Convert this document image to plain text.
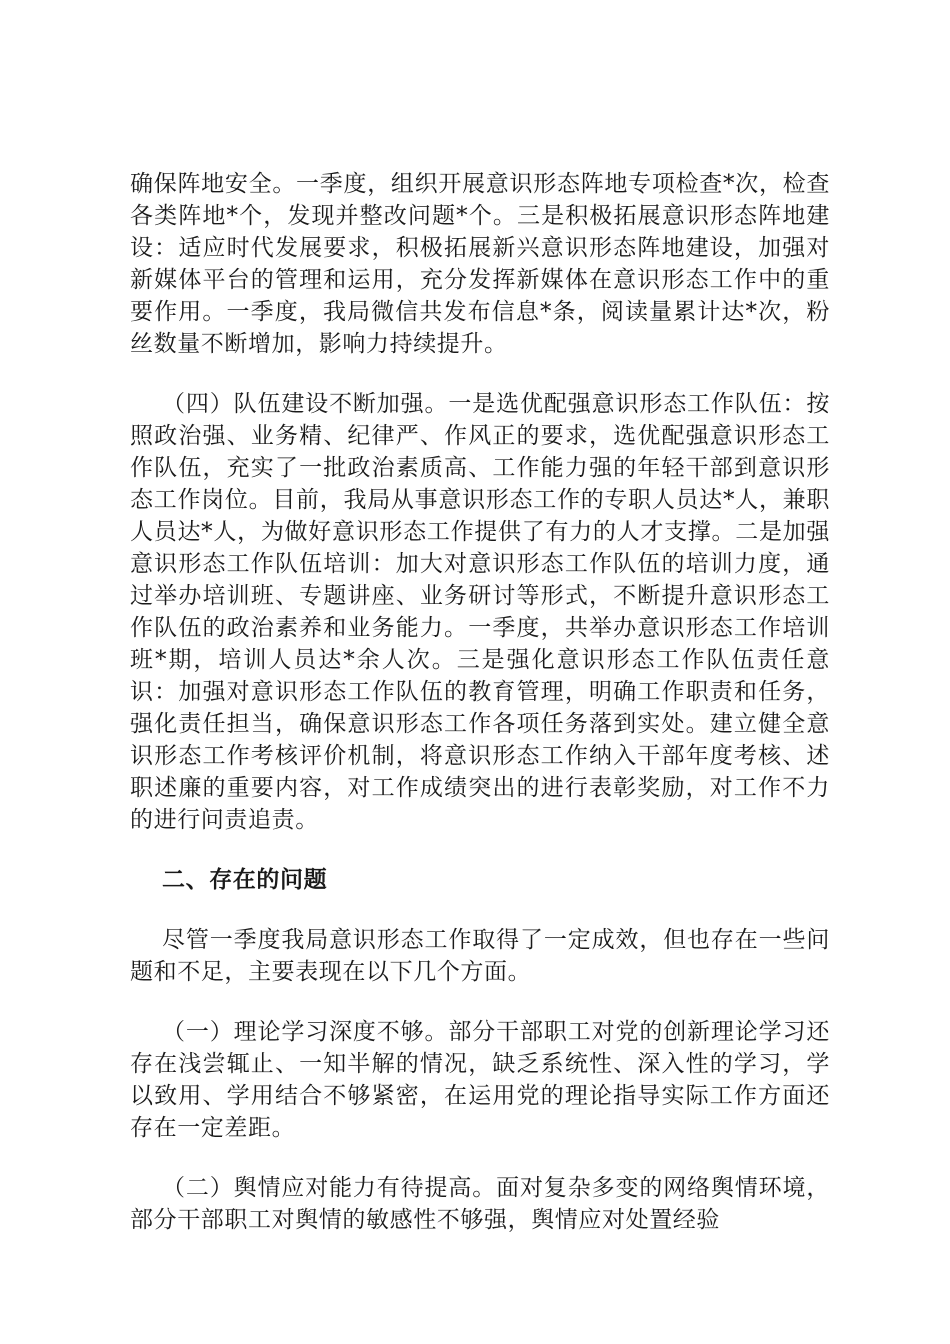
确保阵地安全。一季度，组织开展意识形态阵地专项检查*次，检查各类阵地*个，发现并整改问题*个。三是积极拓展意识形态阵地建设：适应时代发展要求，积极拓展新兴意识形态阵地建设，加强对新媒体平台的管理和运用，充分发挥新媒体在意识形态工作中的重要作用。一季度，我局微信共发布信息*条，阅读量累计达*次，粉丝数量不断增加，影响力持续提升。

（四）队伍建设不断加强。一是选优配强意识形态工作队伍：按照政治强、业务精、纪律严、作风正的要求，选优配强意识形态工作队伍，充实了一批政治素质高、工作能力强的年轻干部到意识形态工作岗位。目前，我局从事意识形态工作的专职人员达*人，兼职人员达*人，为做好意识形态工作提供了有力的人才支撑。二是加强意识形态工作队伍培训：加大对意识形态工作队伍的培训力度，通过举办培训班、专题讲座、业务研讨等形式，不断提升意识形态工作队伍的政治素养和业务能力。一季度，共举办意识形态工作培训班*期，培训人员达*余人次。三是强化意识形态工作队伍责任意识：加强对意识形态工作队伍的教育管理，明确工作职责和任务，强化责任担当，确保意识形态工作各项任务落到实处。建立健全意识形态工作考核评价机制，将意识形态工作纳入干部年度考核、述职述廉的重要内容，对工作成绩突出的进行表彰奖励，对工作不力的进行问责追责。

二、存在的问题

尽管一季度我局意识形态工作取得了一定成效，但也存在一些问题和不足，主要表现在以下几个方面。

（一）理论学习深度不够。部分干部职工对党的创新理论学习还存在浅尝辄止、一知半解的情况，缺乏系统性、深入性的学习，学以致用、学用结合不够紧密，在运用党的理论指导实际工作方面还存在一定差距。

（二）舆情应对能力有待提高。面对复杂多变的网络舆情环境，部分干部职工对舆情的敏感性不够强，舆情应对处置经验
